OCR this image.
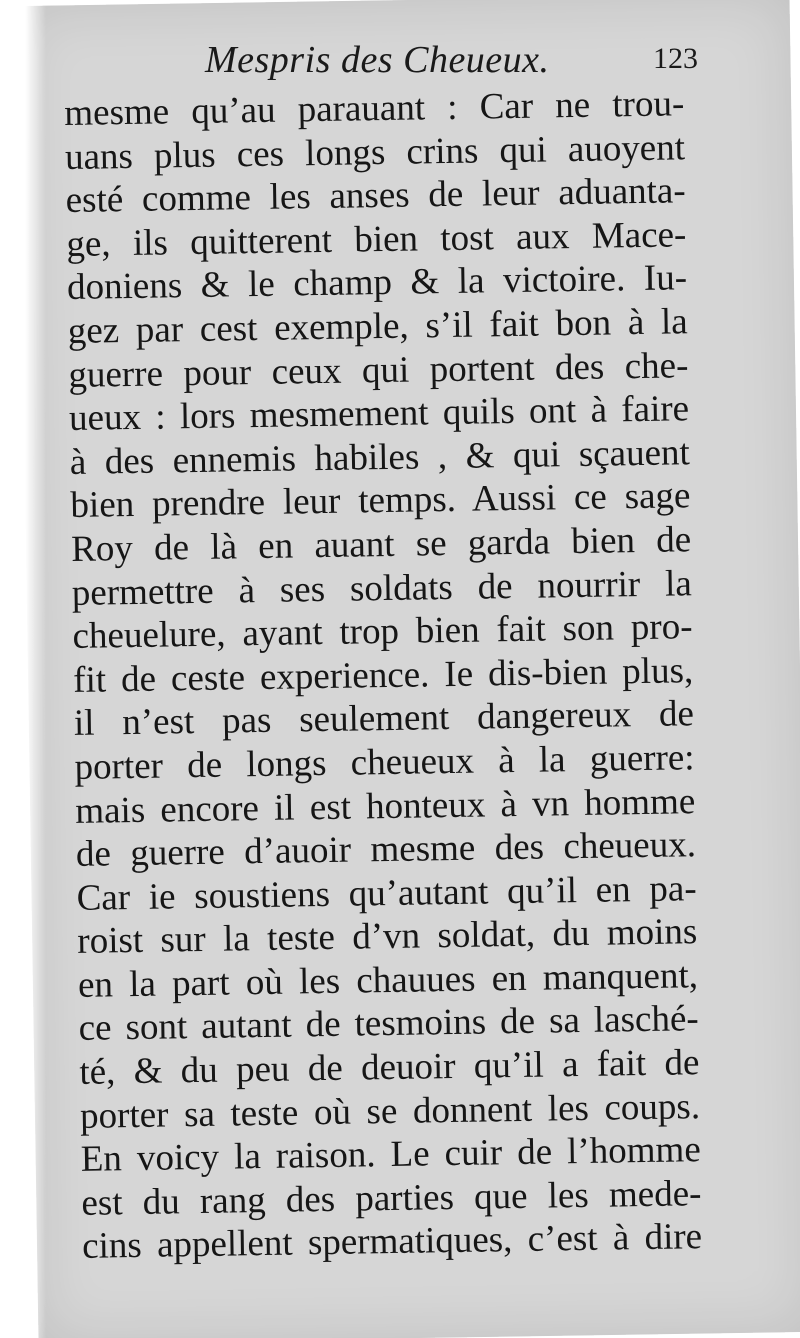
Mespris des Cheueux.	123
mesme qu’au parauant : Car ne trou-
uans plus ces longs crins qui auoyent
esté comme les anses de leur aduanta-
ge, ils quitterent bien tost aux Mace-
doniens & le champ & la victoire. Iu-
gez par cest exemple, s’il fait bon à la
guerre pour ceux qui portent des che-
ueux : lors mesmement quils ont à faire
à des ennemis habiles , & qui sçauent
bien prendre leur temps. Aussi ce sage
Roy de là en auant se garda bien de
permettre à ses soldats de nourrir la
cheuelure, ayant trop bien fait son pro-
fit de ceste experience. Ie dis-bien plus,
il n’est pas seulement dangereux de
porter de longs cheueux à la guerre:
mais encore il est honteux à vn homme
de guerre d’auoir mesme des cheueux.
Car ie soustiens qu’autant qu’il en pa-
roist sur la teste d’vn soldat, du moins
en la part où les chauues en manquent,
ce sont autant de tesmoins de sa lasché-
té, & du peu de deuoir qu’il a fait de
porter sa teste où se donnent les coups.
En voicy la raison. Le cuir de l’homme
est du rang des parties que les mede-
cins appellent spermatiques, c’est à dire
